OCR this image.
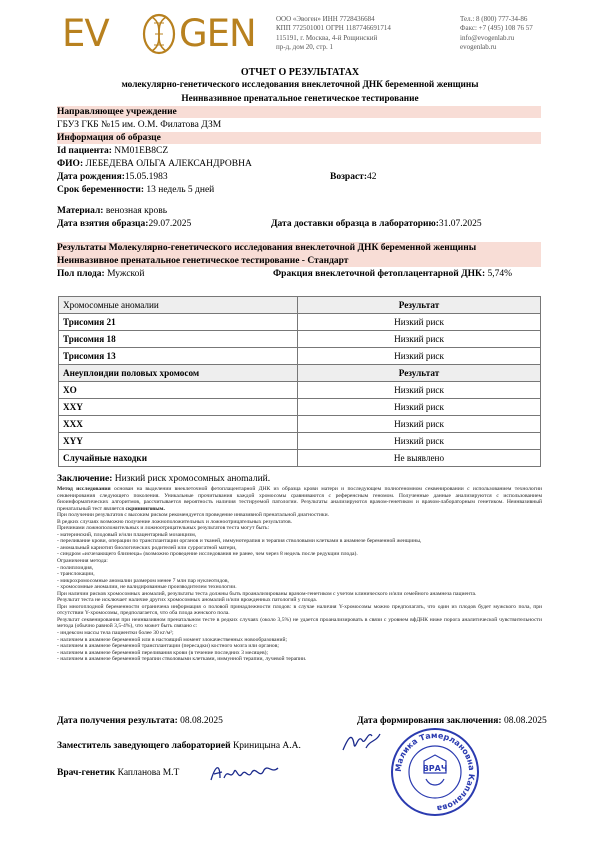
EV GEN	ООО «Эвоген» ИНН 7728436684
КПП 772501001 ОГРН 1187746691714
115191, г. Москва, 4-й Рощинский
пр-д, дом 20, стр. 1
Тел.: 8 (800) 777-34-86
Факс: +7 (495) 108 76 57
info@evogenlab.ru
evogenlab.ru
ОТЧЕТ О РЕЗУЛЬТАТАХ
молекулярно-генетического исследования внеклеточной ДНК беременной женщины
Неинвазивное пренатальное генетическое тестирование
Направляющее учреждение
ГБУЗ ГКБ №15 им. О.М. Филатова ДЗМ
Информация об образце
Id пациента: NM01EB8CZ
ФИО: ЛЕБЕДЕВА ОЛЬГА АЛЕКСАНДРОВНА
Дата рождения:15.05.1983	Возраст:42
Срок беременности: 13 недель 5 дней
Материал: венозная кровь
Дата взятия образца:29.07.2025	Дата доставки образца в лабораторию:31.07.2025
Результаты Молекулярно-генетического исследования внеклеточной ДНК беременной женщины
Неинвазивное пренатальное генетическое тестирование - Стандарт
Пол плода: Мужской	Фракция внеклеточной фетоплацентарной ДНК: 5,74%
Хромосомные аномалии	Результат
Трисомия 21	Низкий риск
Трисомия 18	Низкий риск
Трисомия 13	Низкий риск
Анеуплоидии половых хромосом	Результат
XO	Низкий риск
XXY	Низкий риск
XXX	Низкий риск
XYY	Низкий риск
Случайные находки	Не выявлено
Заключение: Низкий риск хромосомных анomалий.

Метод исследования основан на выделении внеклеточной фетоплацентарной ДНК из образца крови матери и последующем полногеномном секвенировании с использованием технологии секвенирования следующего поколения. Уникальные прочитывания каждой хромосомы сравниваются с референсным геномом. Полученные данные анализируются с использованием биоинформатических алгоритмов, рассчитывается вероятность наличия тестируемой патологии. Результаты анализируются врачом-генетиком и врачом-лабораторным генетиком. Неинвазивный пренатальный тест является скрининговым.

При получении результатов с высоким риском рекомендуется проведение инвазивной пренатальной диагностики.

В редких случаях возможно получение ложноположительных и ложноотрицательных результатов.

Причинами ложноположительных и ложноотрицательных результатов теста могут быть:

- материнский, плодовый и/или плацентарный мозаицизм,

- переливание крови, операции по трансплантации органов и тканей, иммунотерапия и терапия стволовыми клетками в анамнезе беременной женщины,

- аномальный кариотип биологических родителей или суррогатной матери,

- синдром «исчезающего близнеца» (возможно проведение исследования не ранее, чем через 8 недель после редукции плода).

Ограничения метода:

- полиплоидия,

- транслокации,

- микрохромосомные аномалии размером менее 7 млн пар нуклеотидов,

- хромосомные аномалии, не валидированные производителем технологии.

При наличии рисков хромосомных аномалий, результаты теста должны быть проанализированы врачом-генетиком с учетом клинического и/или семейного анамнеза пациента.

Результат теста не исключает наличие других хромосомных аномалий и/или врожденных патологий у плода.

При многоплодной беременности ограничена информация о половой принадлежности плодов: в случае наличия Y-хромосомы можно предполагать, что один из плодов будет мужского пола, при отсутствии Y-хромосомы, предполагается, что оба плода женского пола.

Результат секвенирования при неинвазивном пренатальном тесте в редких случаях (около 3,5%) не удается проанализировать в связи с уровнем вфДНК ниже порога аналитической чувствительности метода (обычно равной 3,5-4%), что может быть связано с:

- индексом массы тела пациентки более 30 кг/м²;

- наличием в анамнезе беременной или в настоящий момент злокачественных новообразований;

- наличием в анамнезе беременной трансплантации (пересадки) костного мозга или органов;

- наличием в анамнезе беременной переливания крови (в течение последних 3 месяцев);

- наличием в анамнезе беременной терапии стволовыми клетками, иммунной терапии, лучевой терапии.

Дата получения результата: 08.08.2025	Дата формирования заключения: 08.08.2025
Заместитель заведующего лабораторией Криницына А.А.
Врач-генетик Капланова М.Т
Малика Тамерлановна Капланова
ВРАЧ
